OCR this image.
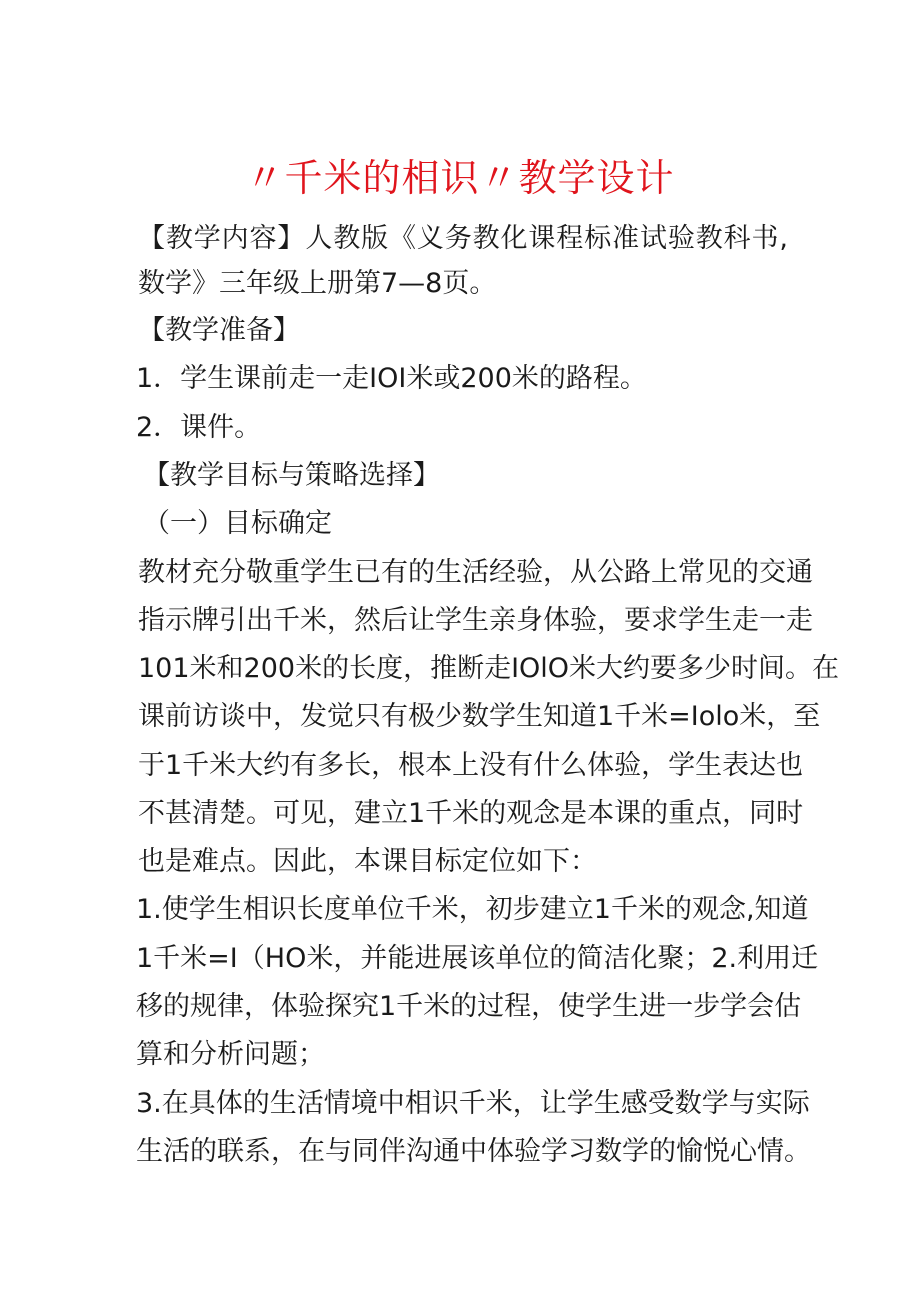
〃千米的相识〃教学设计
【教学内容】人教版《义务教化课程标准试验教科书,
数学》三年级上册第7—8页。
【教学准备】
1．学生课前走一走IOI米或200米的路程。
2．课件。
【教学目标与策略选择】
（一）目标确定
教材充分敬重学生已有的生活经验，从公路上常见的交通
指示牌引出千米，然后让学生亲身体验，要求学生走一走
101米和200米的长度，推断走IOlO米大约要多少时间。在
课前访谈中，发觉只有极少数学生知道1千米=Iolo米，至
于1千米大约有多长，根本上没有什么体验，学生表达也
不甚清楚。可见，建立1千米的观念是本课的重点，同时
也是难点。因此，本课目标定位如下：
1.使学生相识长度单位千米，初步建立1千米的观念,知道
1千米=I（HO米，并能进展该单位的简洁化聚；2.利用迁
移的规律，体验探究1千米的过程，使学生进一步学会估
算和分析问题；
3.在具体的生活情境中相识千米，让学生感受数学与实际
生活的联系，在与同伴沟通中体验学习数学的愉悦心情。
